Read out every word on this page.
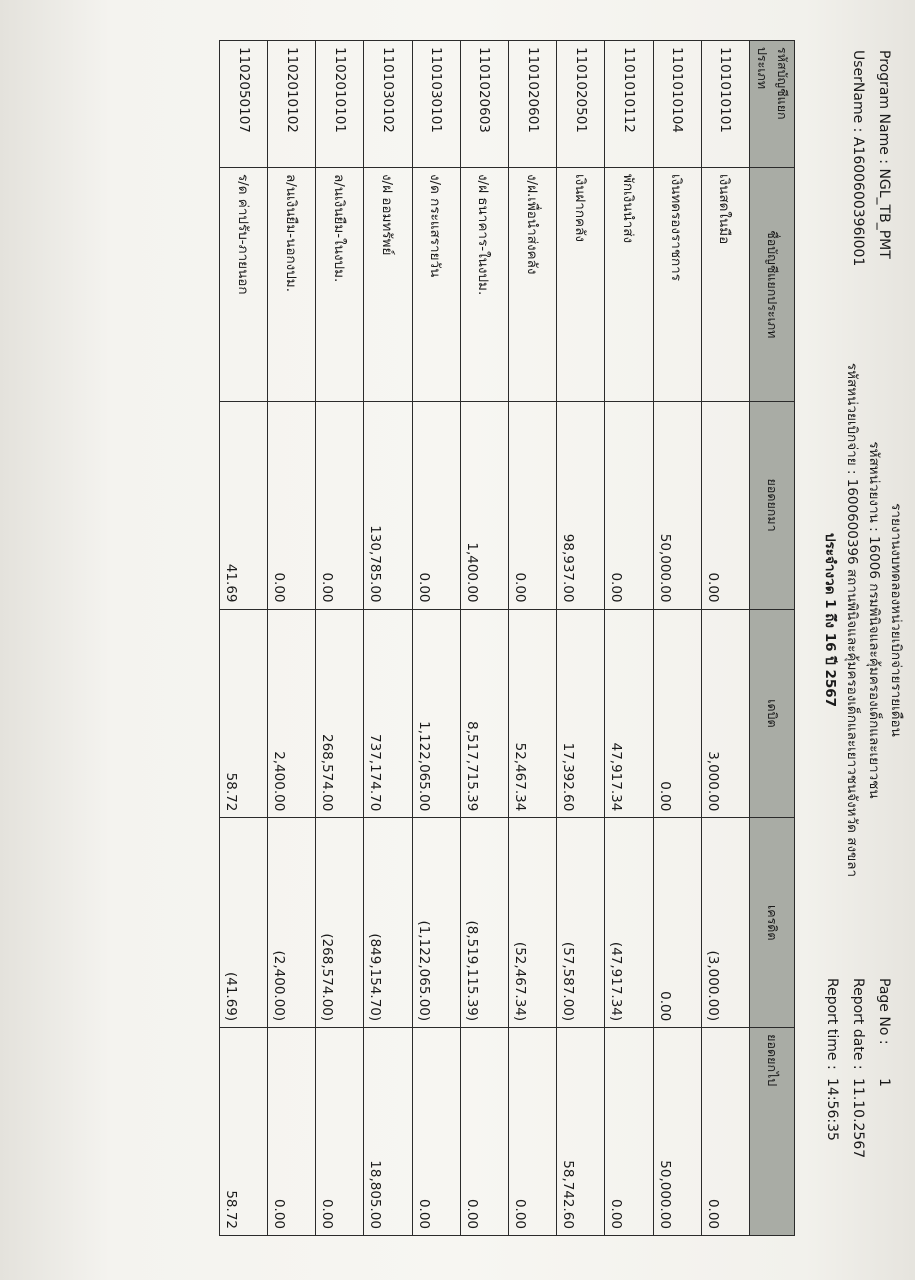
Program Name : NGL_TB_PMT
UserName : A1600600396I001
รายงานงบทดลองหน่วยเบิกจ่ายรายเดือน
รหัสหน่วยงาน : 16006 กรมพินิจและคุ้มครองเด็กและเยาวชน
รหัสหน่วยเบิกจ่าย : 1600600396 สถานพินิจและคุ้มครองเด็กและเยาวชนจังหวัด สงขลา
ประจำงวด 1 ถึง 16 ปี 2567
Page No :
1
Report date :
11.10.2567
Report time :
14:56:35
รหัสบัญชีแยกประเภท	ชื่อบัญชีแยกประเภท	ยอดยกมา	เดบิต	เครดิต	ยอดยกไป
1101010101	เงินสดในมือ	0.00	3,000.00	(3,000.00)	0.00
1101010104	เงินทดรองราชการ	50,000.00	0.00	0.00	50,000.00
1101010112	พักเงินนำส่ง	0.00	47,917.34	(47,917.34)	0.00
1101020501	เงินฝากคลัง	98,937.00	17,392.60	(57,587.00)	58,742.60
1101020601	ง/ฝ.เพื่อนำส่งคลัง	0.00	52,467.34	(52,467.34)	0.00
1101020603	ง/ฝ ธนาคาร-ในงปม.	1,400.00	8,517,715.39	(8,519,115.39)	0.00
1101030101	ง/ด กระแสรายวัน	0.00	1,122,065.00	(1,122,065.00)	0.00
1101030102	ง/ฝ ออมทรัพย์	130,785.00	737,174.70	(849,154.70)	18,805.00
1102010101	ล/นเงินยืม-ในงปม.	0.00	268,574.00	(268,574.00)	0.00
1102010102	ล/นเงินยืม-นอกงปม.	0.00	2,400.00	(2,400.00)	0.00
1102050107	ร/ด ค่าปรับ-ภายนอก	41.69	58.72	(41.69)	58.72
